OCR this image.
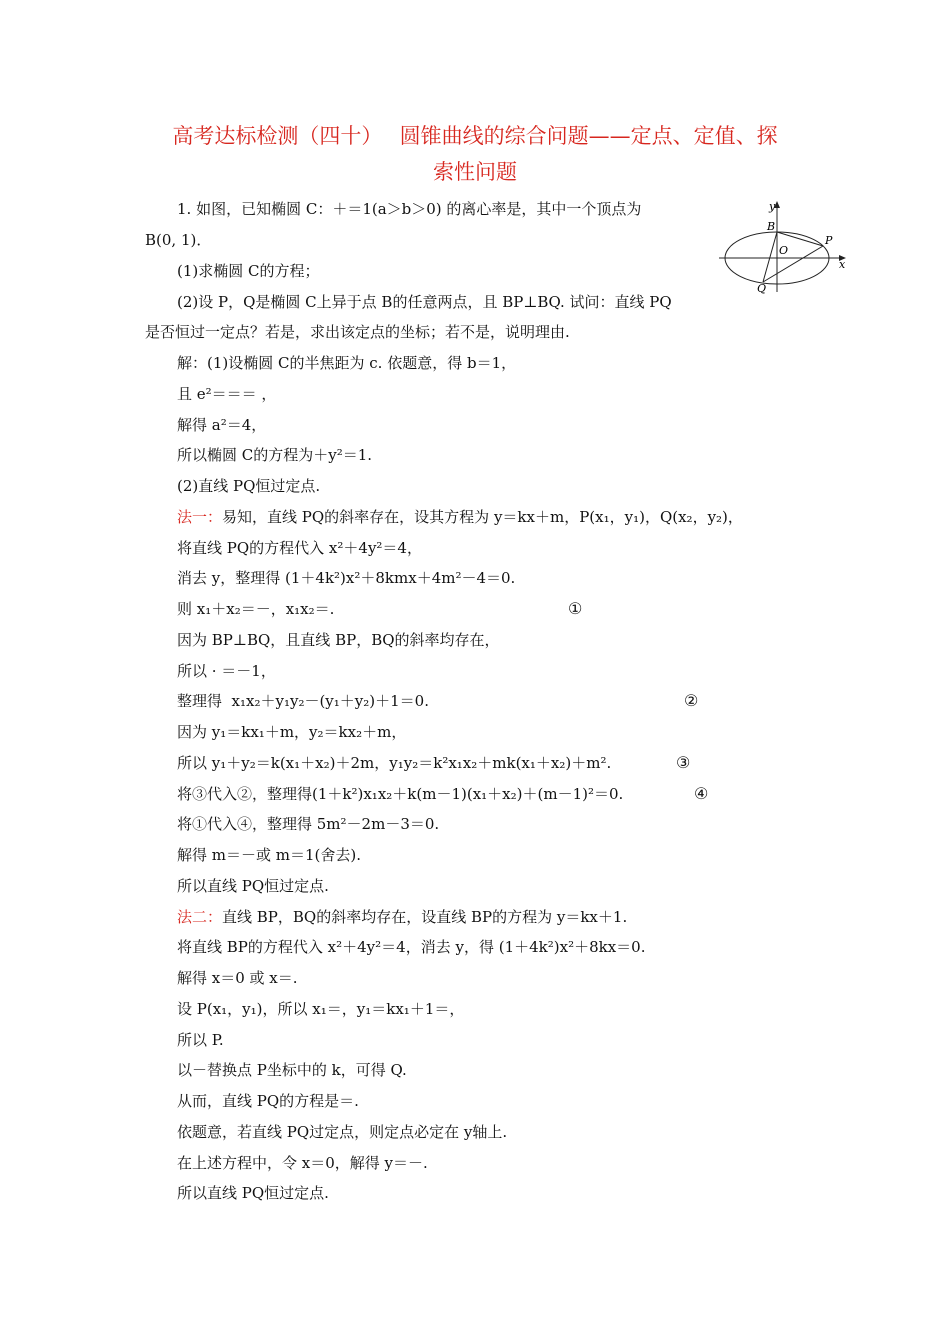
高考达标检测（四十）　 圆锥曲线的综合问题——定点、定值、探
索性问题
y
x
B
O
P
Q
1. 如图，已知椭圆 C：＋＝1(a＞b＞0) 的离心率是，其中一个顶点为
B(0, 1)．
(1)求椭圆 C的方程；
(2)设 P，Q是椭圆 C上异于点 B的任意两点，且 BP⊥BQ. 试问：直线 PQ
是否恒过一定点？若是，求出该定点的坐标；若不是，说明理由.
解：(1)设椭圆 C的半焦距为 c. 依题意，得 b＝1，
且 e²＝＝＝ ，
解得 a²＝4，
所以椭圆 C的方程为＋y²＝1.
(2)直线 PQ恒过定点.
法一：易知，直线 PQ的斜率存在，设其方程为 y＝kx＋m，P(x₁，y₁)，Q(x₂，y₂)，
将直线 PQ的方程代入 x²＋4y²＝4，
消去 y，整理得 (1＋4k²)x²＋8kmx＋4m²－4＝0.
则 x₁＋x₂＝－，x₁x₂＝.	①
因为 BP⊥BQ，且直线 BP，BQ的斜率均存在，
所以 · ＝－1，
整理得  x₁x₂＋y₁y₂－(y₁＋y₂)＋1＝0.	②
因为 y₁＝kx₁＋m，y₂＝kx₂＋m，
所以 y₁＋y₂＝k(x₁＋x₂)＋2m，y₁y₂＝k²x₁x₂＋mk(x₁＋x₂)＋m².	③
将③代入②，整理得(1＋k²)x₁x₂＋k(m－1)(x₁＋x₂)＋(m－1)²＝0.	④
将①代入④，整理得 5m²－2m－3＝0.
解得 m＝－或 m＝1(舍去).
所以直线 PQ恒过定点.
法二：直线 BP，BQ的斜率均存在，设直线 BP的方程为 y＝kx＋1.
将直线 BP的方程代入 x²＋4y²＝4，消去 y，得 (1＋4k²)x²＋8kx＝0.
解得 x＝0 或 x＝.
设 P(x₁，y₁)，所以 x₁＝，y₁＝kx₁＋1＝，
所以 P.
以－替换点 P坐标中的 k，可得 Q.
从而，直线 PQ的方程是＝.
依题意，若直线 PQ过定点，则定点必定在 y轴上.
在上述方程中，令 x＝0，解得 y＝－.
所以直线 PQ恒过定点.
